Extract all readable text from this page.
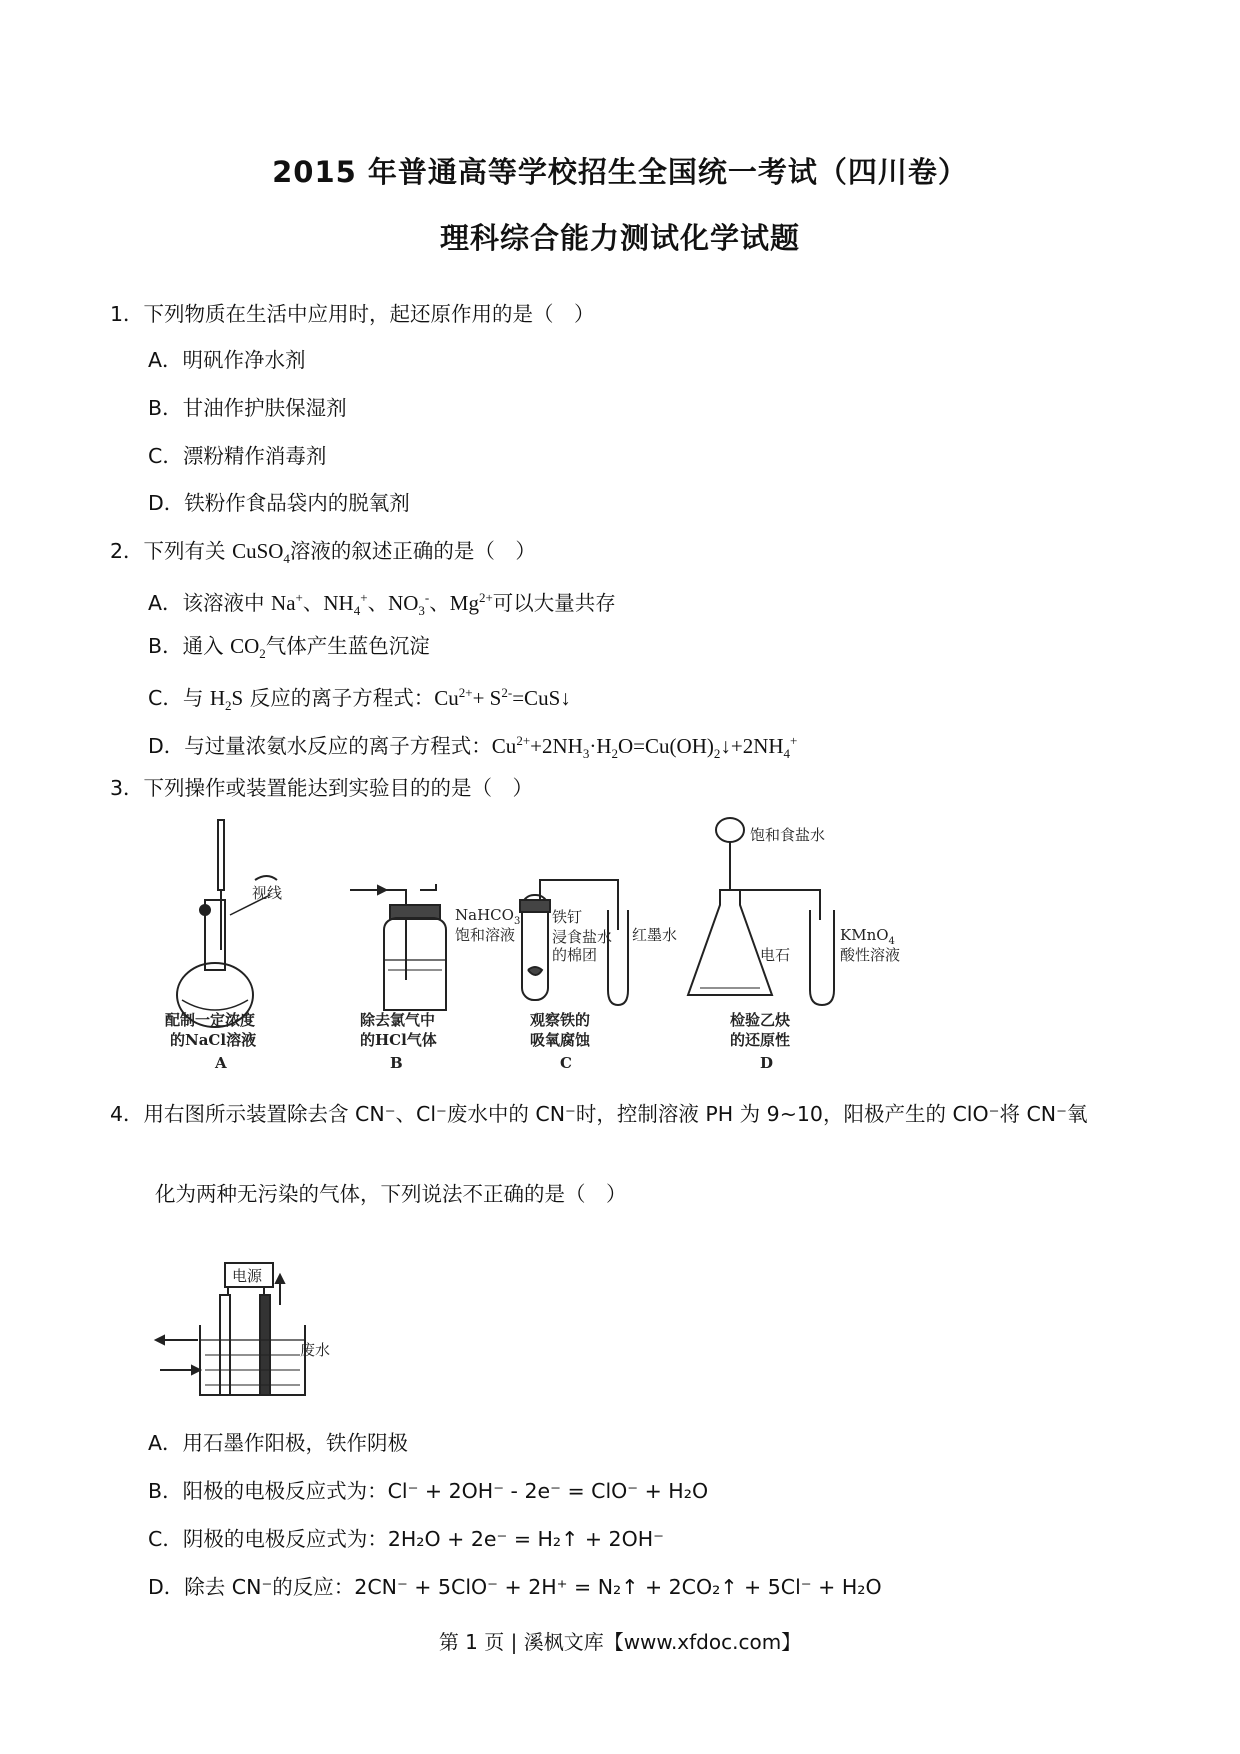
2015 年普通高等学校招生全国统一考试（四川卷）
理科综合能力测试化学试题
1．下列物质在生活中应用时，起还原作用的是（　）
A．明矾作净水剂
B．甘油作护肤保湿剂
C．漂粉精作消毒剂
D．铁粉作食品袋内的脱氧剂
2．下列有关 CuSO$_4$溶液的叙述正确的是（　）
A．该溶液中 Na+、$NH_4^+$、$NO_3^-$、$Mg^{2+}$可以大量共存
B．通入 $CO_2$气体产生蓝色沉淀
C．与 $H_2S$ 反应的离子方程式：$Cu^{2+}+$ $S^{2-}=CuS↓$
D．与过量浓氨水反应的离子方程式：$Cu^{2+}+2NH_3\cdot H_2O=Cu(OH)_2↓+2NH_4^+$
3．下列操作或装置能达到实验目的的是（　）
视线
配制一定浓度
的NaCl溶液
A
NaHCO$_3$
饱和溶液
除去氯气中
的HCl气体
B
铁钉
浸食盐水
的棉团
红墨水
观察铁的
吸氧腐蚀
C
饱和食盐水
电石
KMnO$_4$
酸性溶液
检验乙炔
的还原性
D
4．用右图所示装置除去含 CN⁻、Cl⁻废水中的 CN⁻时，控制溶液 PH 为 9~10，阳极产生的 ClO⁻将 CN⁻氧
化为两种无污染的气体，下列说法不正确的是（　）
电源
废水
A．用石墨作阳极，铁作阴极
B．阳极的电极反应式为：Cl⁻ + 2OH⁻ - 2e⁻ = ClO⁻ + H₂O
C．阴极的电极反应式为：2H₂O + 2e⁻ = H₂↑ + 2OH⁻
D．除去 CN⁻的反应：2CN⁻ + 5ClO⁻ + 2H⁺ = N₂↑ + 2CO₂↑ + 5Cl⁻ + H₂O
第 1 页 | 溪枫文库【www.xfdoc.com】
